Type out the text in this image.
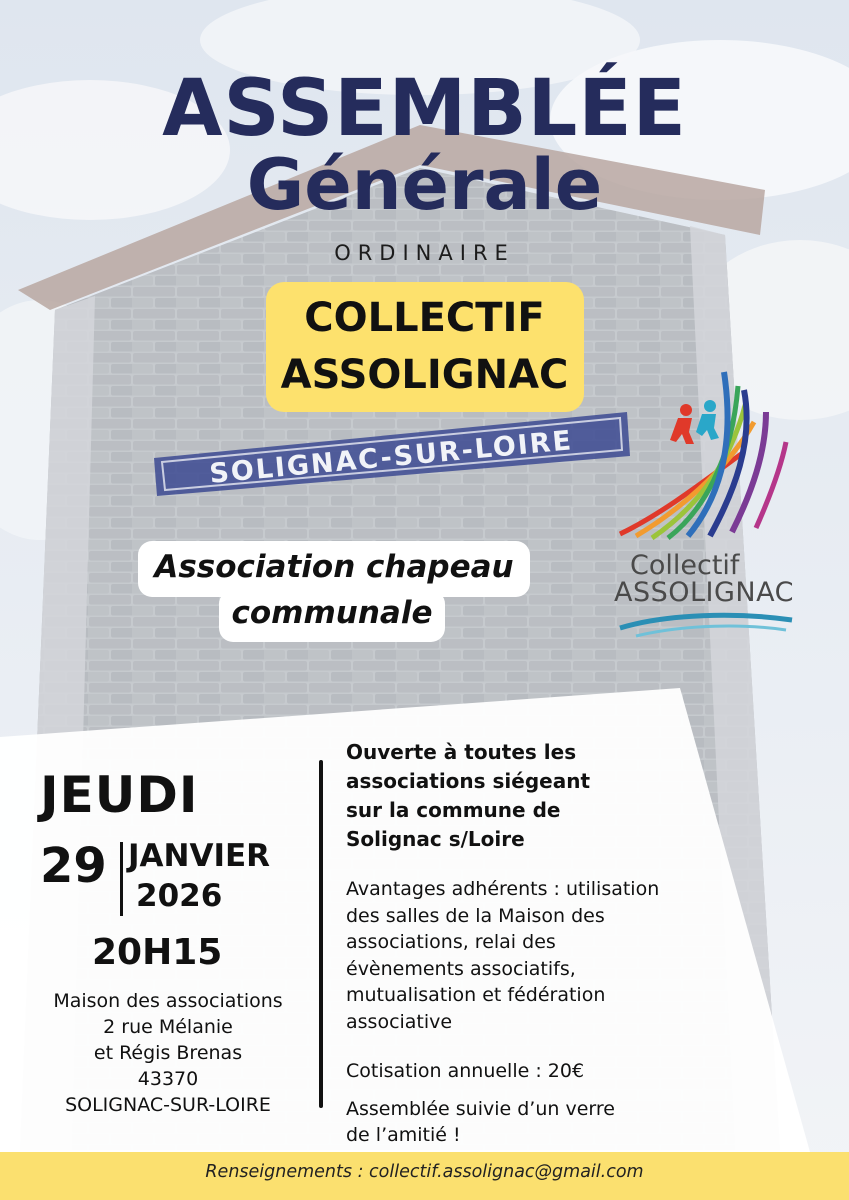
SOLIGNAC-SUR-LOIRE
ASSEMBLÉE
Générale
ORDINAIRE
COLLECTIF
ASSOLIGNAC
Association chapeau
communale
Collectif
ASSOLIGNAC
JEUDI
29 JANVIER
2026
20H15
Maison des associations
2 rue Mélanie
et Régis Brenas
43370
SOLIGNAC-SUR-LOIRE
Ouverte à toutes les
associations siégeant
sur la commune de
Solignac s/Loire
Avantages adhérents : utilisation
des salles de la Maison des
associations, relai des
évènements associatifs,
mutualisation et fédération
associative
Cotisation annuelle : 20€
Assemblée suivie d’un verre
de l’amitié !
Renseignements : collectif.assolignac@gmail.com
